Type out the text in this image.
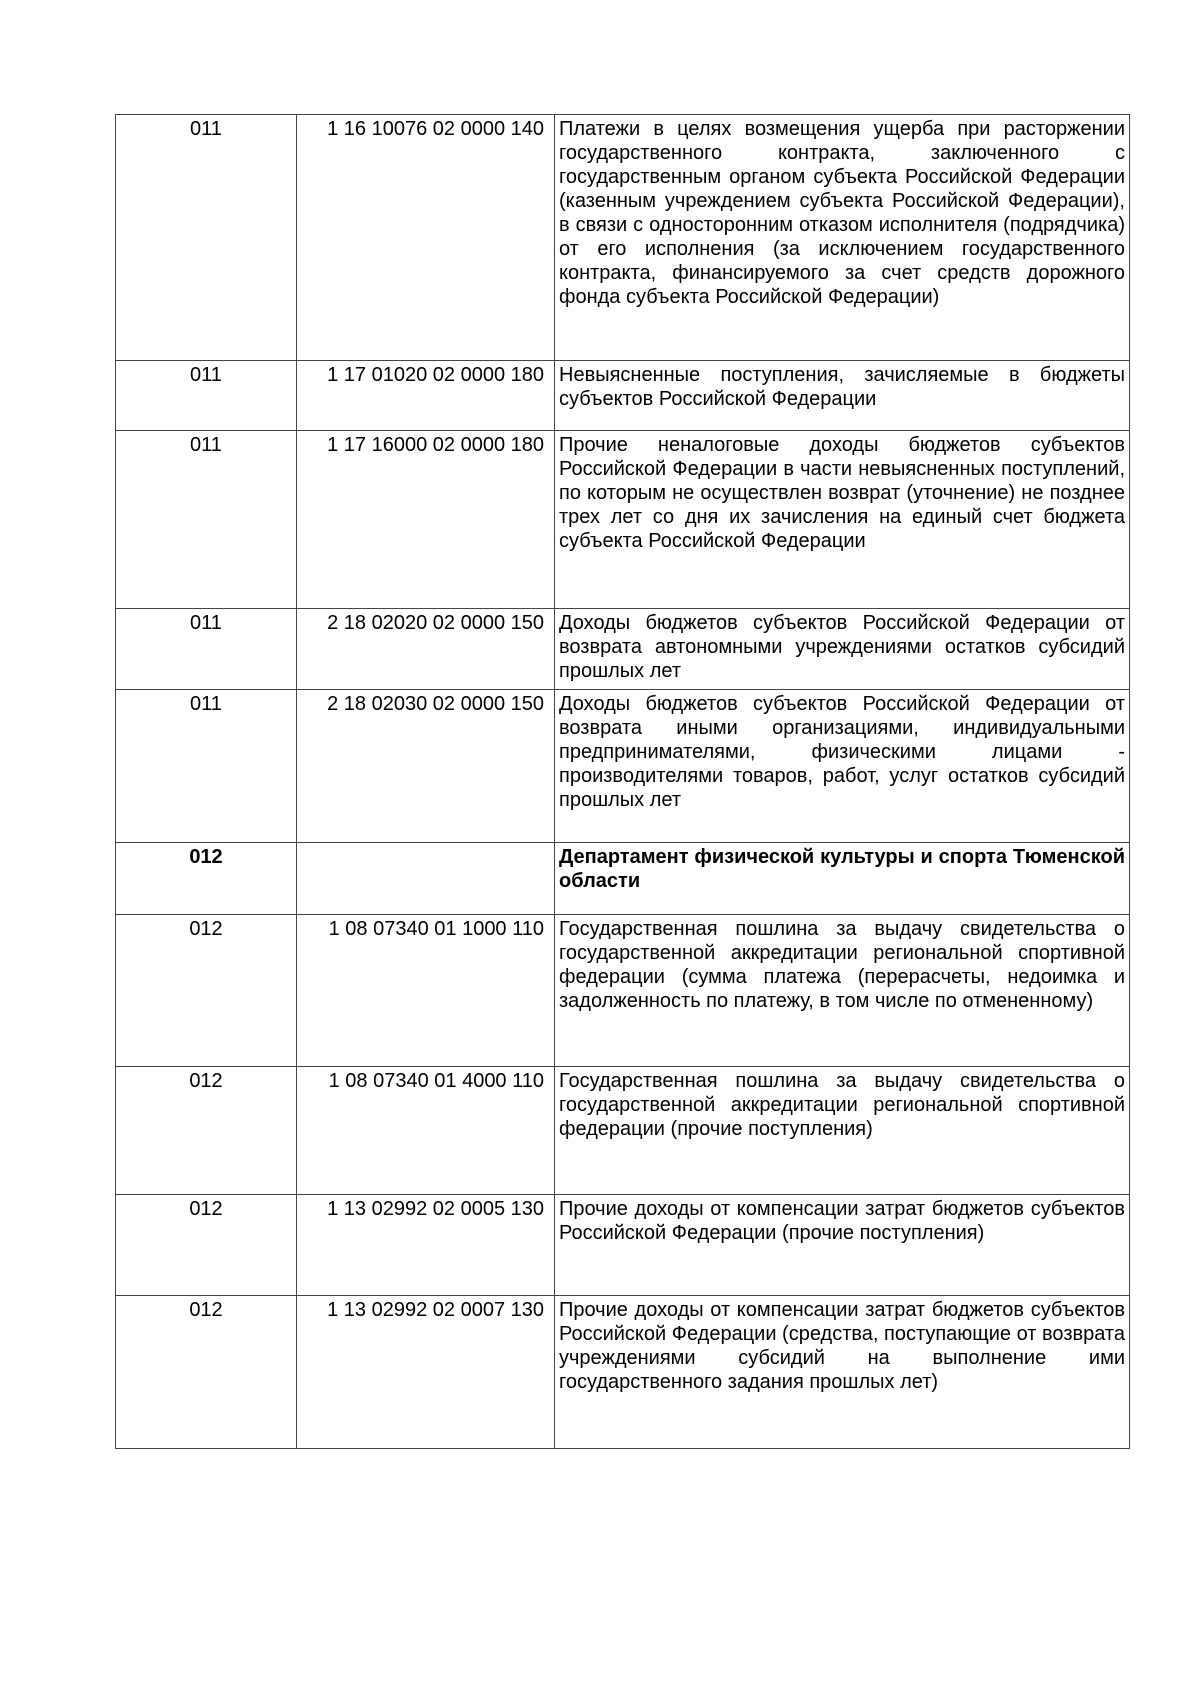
011	1 16 10076 02 0000 140	Платежи в целях возмещения ущерба при расторжении государственного контракта, заключенного с государственным органом субъекта Российской Федерации (казенным учреждением субъекта Российской Федерации), в связи с односторонним отказом исполнителя (подрядчика) от его исполнения (за исключением государственного контракта, финансируемого за счет средств дорожного фонда субъекта Российской Федерации)
011	1 17 01020 02 0000 180	Невыясненные поступления, зачисляемые в бюджеты субъектов Российской Федерации
011	1 17 16000 02 0000 180	Прочие неналоговые доходы бюджетов субъектов Российской Федерации в части невыясненных поступлений, по которым не осуществлен возврат (уточнение) не позднее трех лет со дня их зачисления на единый счет бюджета субъекта Российской Федерации
011	2 18 02020 02 0000 150	Доходы бюджетов субъектов Российской Федерации от возврата автономными учреждениями остатков субсидий прошлых лет
011	2 18 02030 02 0000 150	Доходы бюджетов субъектов Российской Федерации от возврата иными организациями, индивидуальными предпринимателями, физическими лицами - производителями товаров, работ, услуг остатков субсидий прошлых лет
012		Департамент физической культуры и спорта Тюменской области
012	1 08 07340 01 1000 110	Государственная пошлина за выдачу свидетельства о государственной аккредитации региональной спортивной федерации (сумма платежа (перерасчеты, недоимка и задолженность по платежу, в том числе по отмененному)
012	1 08 07340 01 4000 110	Государственная пошлина за выдачу свидетельства о государственной аккредитации региональной спортивной федерации (прочие поступления)
012	1 13 02992 02 0005 130	Прочие доходы от компенсации затрат бюджетов субъектов Российской Федерации (прочие поступления)
012	1 13 02992 02 0007 130	Прочие доходы от компенсации затрат бюджетов субъектов Российской Федерации (средства, поступающие от возврата учреждениями субсидий на выполнение ими государственного задания прошлых лет)
